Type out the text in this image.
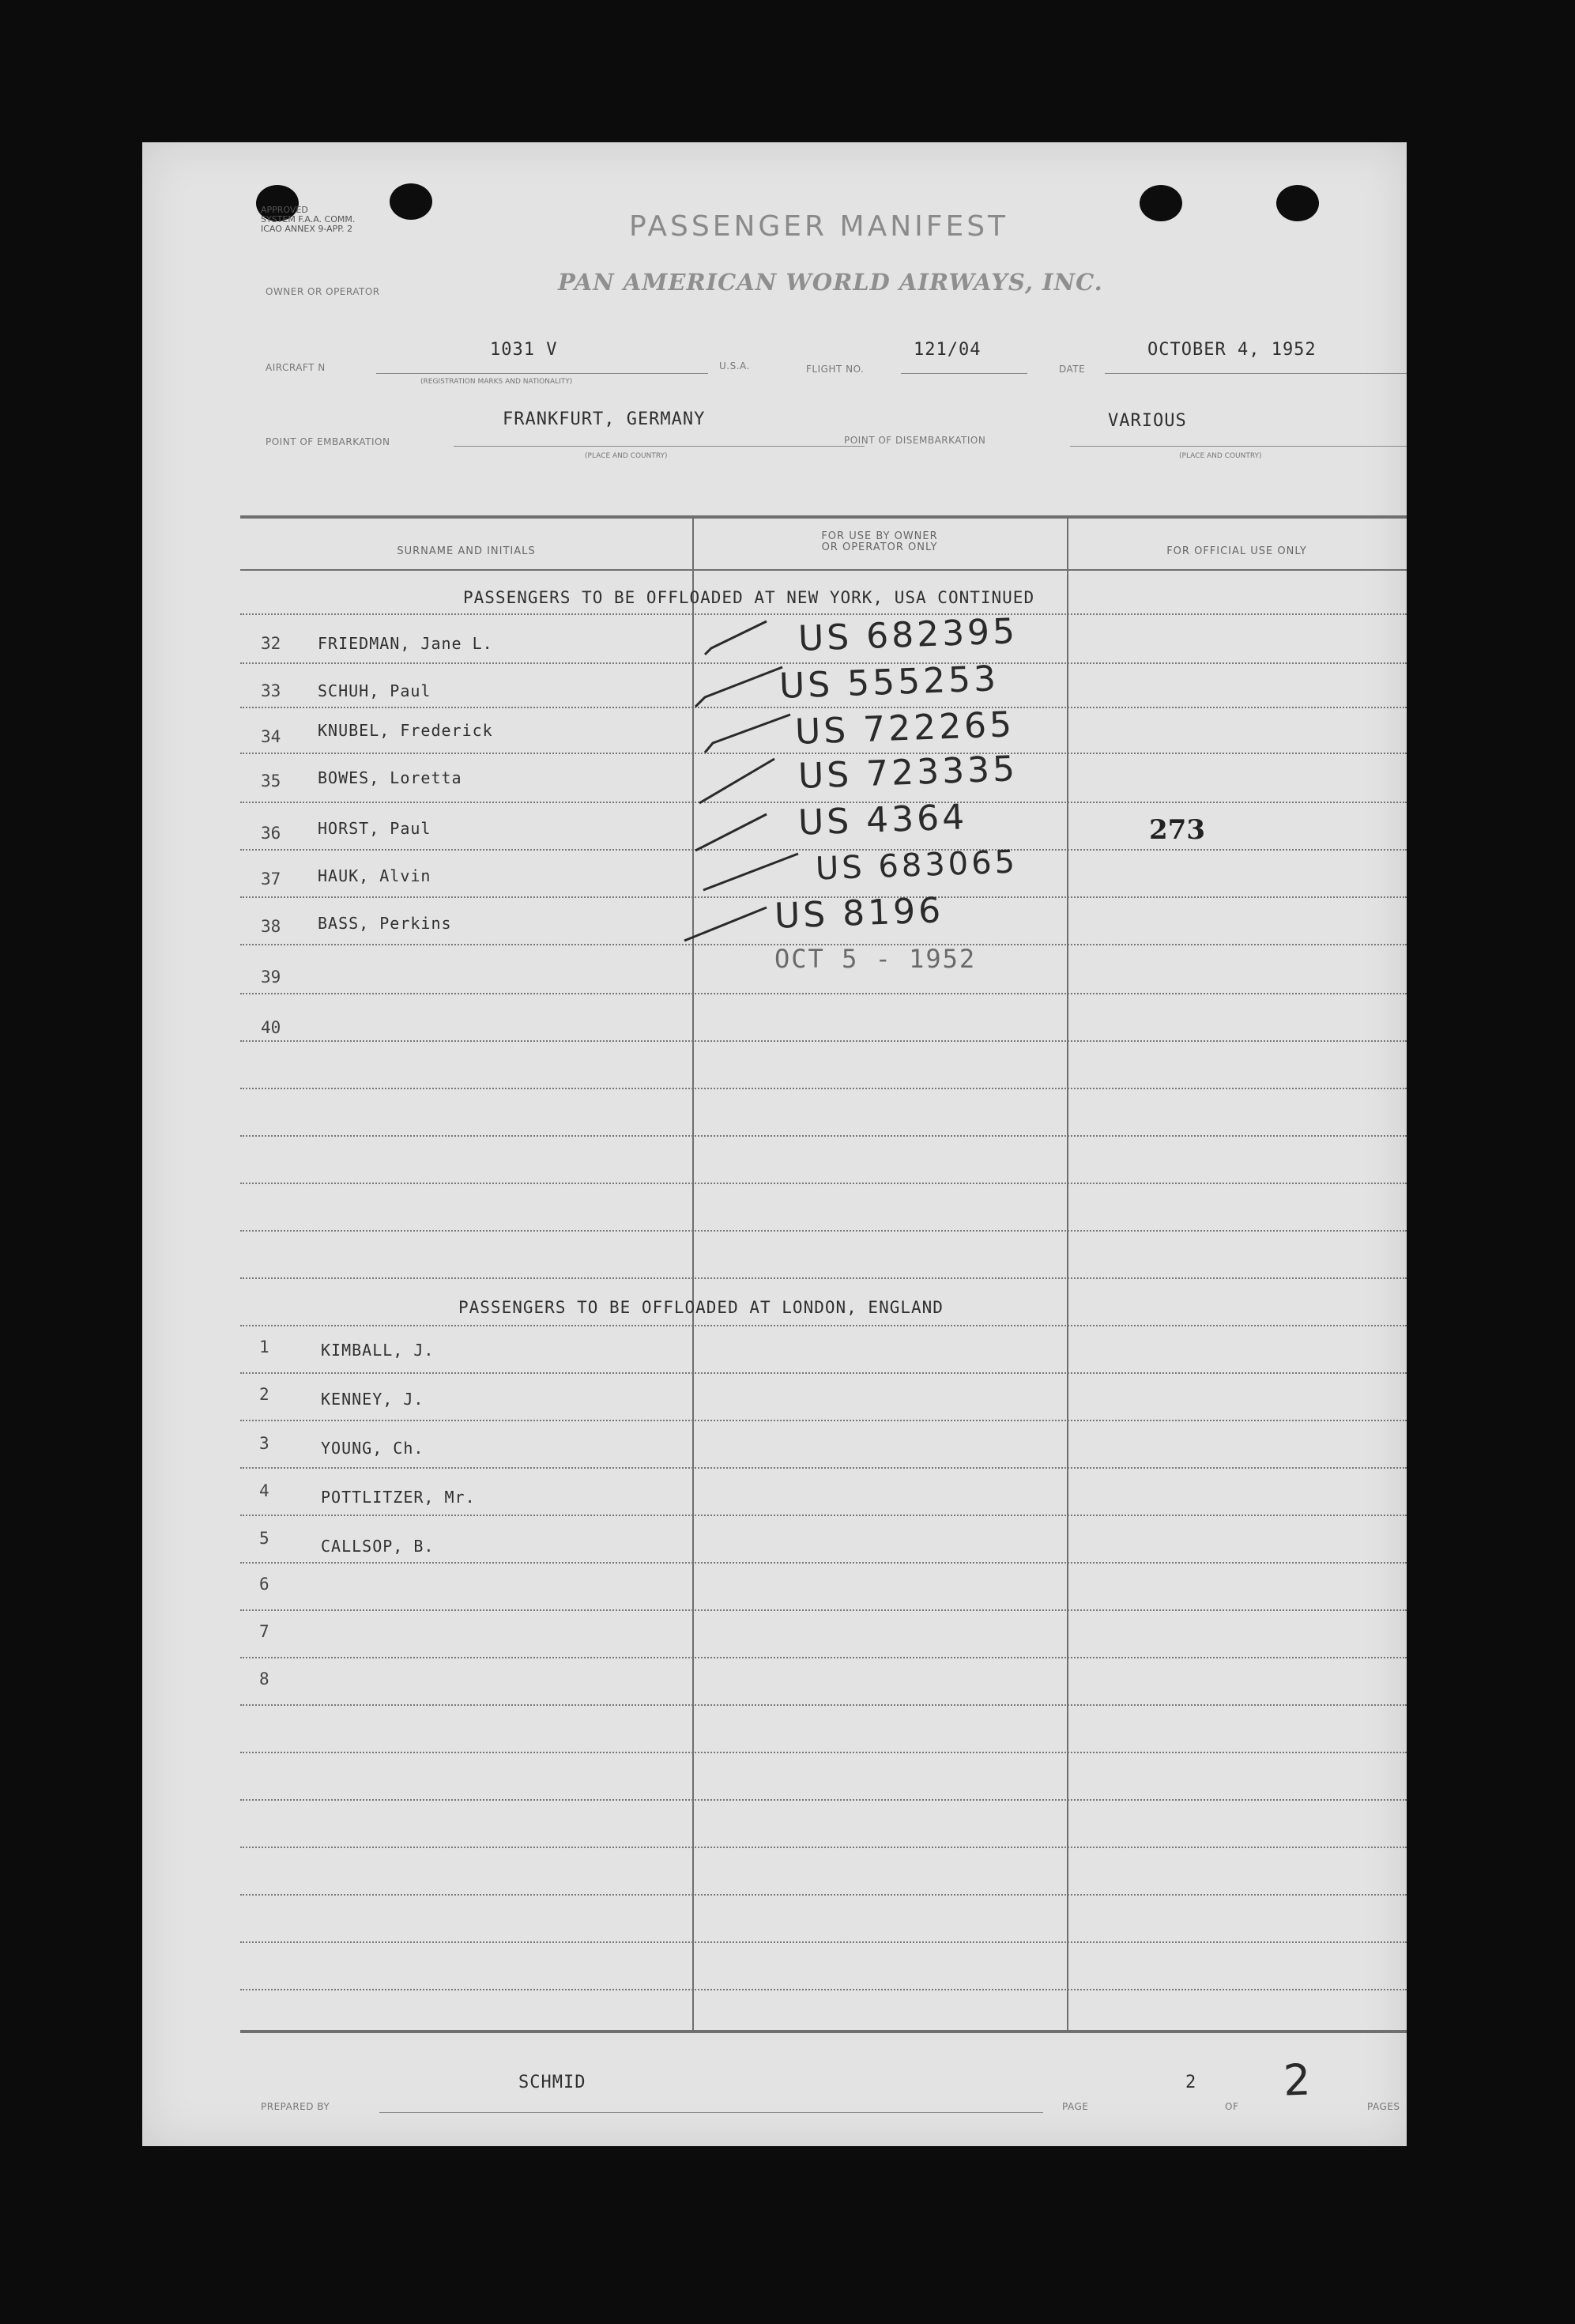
APPROVED
SYSTEM F.A.A. COMM.
ICAO ANNEX 9-APP. 2	PASSENGER MANIFEST
OWNER OR OPERATOR	PAN AMERICAN WORLD AIRWAYS, INC.
AIRCRAFT N
1031 V
(REGISTRATION MARKS AND NATIONALITY)
U.S.A.	FLIGHT NO.
121/04
DATE
OCTOBER 4, 1952
POINT OF EMBARKATION
FRANKFURT, GERMANY
(PLACE AND COUNTRY)
POINT OF DISEMBARKATION
VARIOUS
(PLACE AND COUNTRY)
SURNAME AND INITIALS
FOR USE BY OWNER
OR OPERATOR ONLY	FOR OFFICIAL USE ONLY
PASSENGERS TO BE OFFLOADED AT NEW YORK, USA CONTINUED
32 FRIEDMAN, Jane L.	US 682395
33 SCHUH, Paul	US 555253
34 KNUBEL, Frederick	US 722265
35 BOWES, Loretta	US 723335
36 HORST, Paul	US 4364	273
37 HAUK, Alvin	US 683065
38 BASS, Perkins	US 8196
OCT 5 - 1952
39
40
PASSENGERS TO BE OFFLOADED AT LONDON, ENGLAND
1	KIMBALL, J.
2	KENNEY, J.
3	YOUNG, Ch.
4	POTTLITZER, Mr.
5	CALLSOP, B.
6
7
8
PREPARED BY
SCHMID
PAGE
2
OF
2
PAGES
